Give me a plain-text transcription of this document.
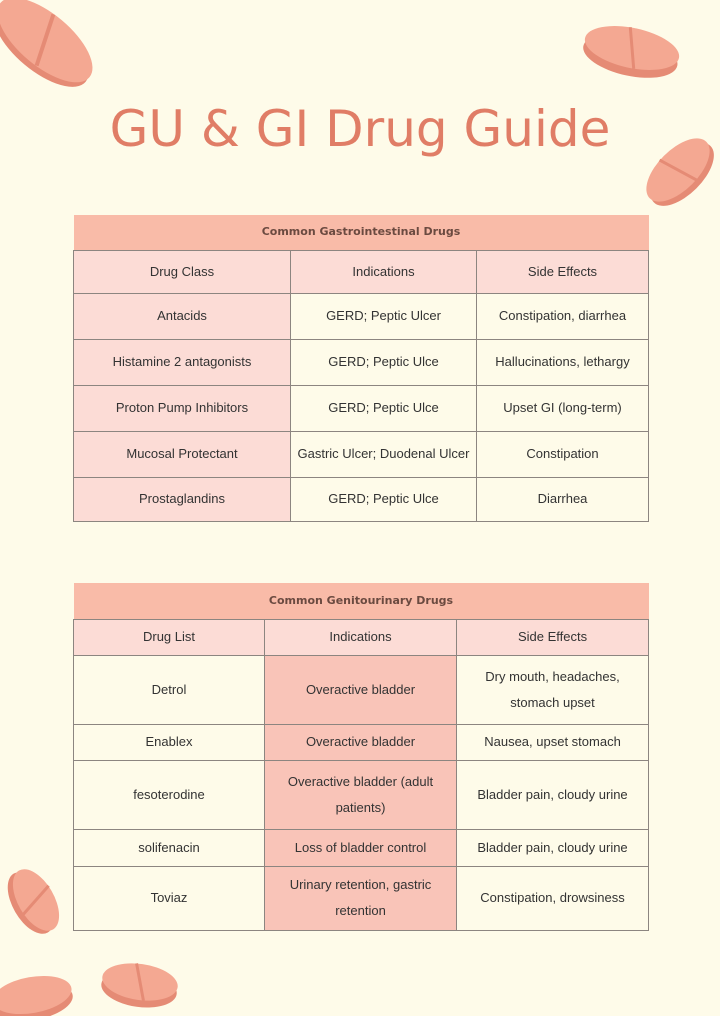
GU & GI Drug Guide
Common Gastrointestinal Drugs		
Drug Class	Indications	Side Effects
Antacids	GERD; Peptic Ulcer	Constipation, diarrhea
Histamine 2 antagonists	GERD; Peptic Ulce	Hallucinations, lethargy
Proton Pump Inhibitors	GERD; Peptic Ulce	Upset GI (long-term)
Mucosal Protectant	Gastric Ulcer; Duodenal Ulcer	Constipation
Prostaglandins	GERD; Peptic Ulce	Diarrhea
Common Genitourinary Drugs		
Drug List	Indications	Side Effects
Detrol	Overactive bladder	Dry mouth, headaches, stomach upset
Enablex	Overactive bladder	Nausea, upset stomach
fesoterodine	Overactive bladder (adult patients)	Bladder pain, cloudy urine
solifenacin	Loss of bladder control	Bladder pain, cloudy urine
Toviaz	Urinary retention, gastric retention	Constipation, drowsiness
